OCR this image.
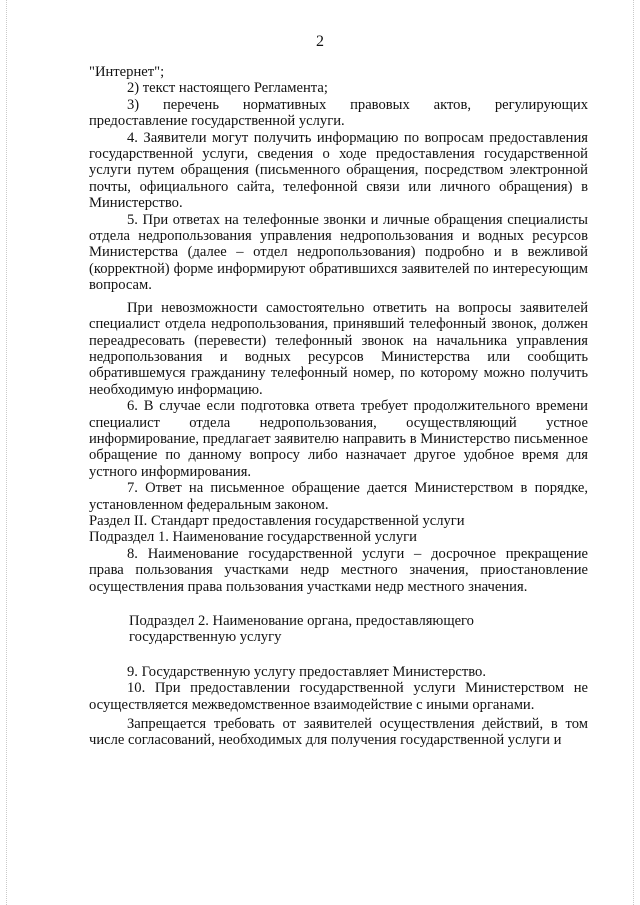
2

"Интернет";

2) текст настоящего Регламента;

3) перечень нормативных правовых актов, регулирующих предоставление государственной услуги.

4. Заявители могут получить информацию по вопросам предоставления государственной услуги, сведения о ходе предоставления государственной услуги путем обращения (письменного обращения, посредством электронной почты, официального сайта, телефонной связи или личного обращения) в Министерство.

5. При ответах на телефонные звонки и личные обращения специалисты отдела недропользования управления недропользования и водных ресурсов Министерства (далее – отдел недропользования) подробно и в вежливой (корректной) форме информируют обратившихся заявителей по интересующим вопросам.

При невозможности самостоятельно ответить на вопросы заявителей специалист отдела недропользования, принявший телефонный звонок, должен переадресовать (перевести) телефонный звонок на начальника управления недропользования и водных ресурсов Министерства или сообщить обратившемуся гражданину телефонный номер, по которому можно получить необходимую информацию.

6. В случае если подготовка ответа требует продолжительного времени специалист отдела недропользования, осуществляющий устное информирование, предлагает заявителю направить в Министерство письменное обращение по данному вопросу либо назначает другое удобное время для устного информирования.

7. Ответ на письменное обращение дается Министерством в порядке, установленном федеральным законом.

Раздел II. Стандарт предоставления государственной услуги

Подраздел 1. Наименование государственной услуги

8. Наименование государственной услуги – досрочное прекращение права пользования участками недр местного значения, приостановление осуществления права пользования участками недр местного значения.

Подраздел 2. Наименование органа, предоставляющего

государственную услугу

9. Государственную услугу предоставляет Министерство.

10. При предоставлении государственной услуги Министерством не осуществляется межведомственное взаимодействие с иными органами.

Запрещается требовать от заявителей осуществления действий, в том числе согласований, необходимых для получения государственной услуги и
